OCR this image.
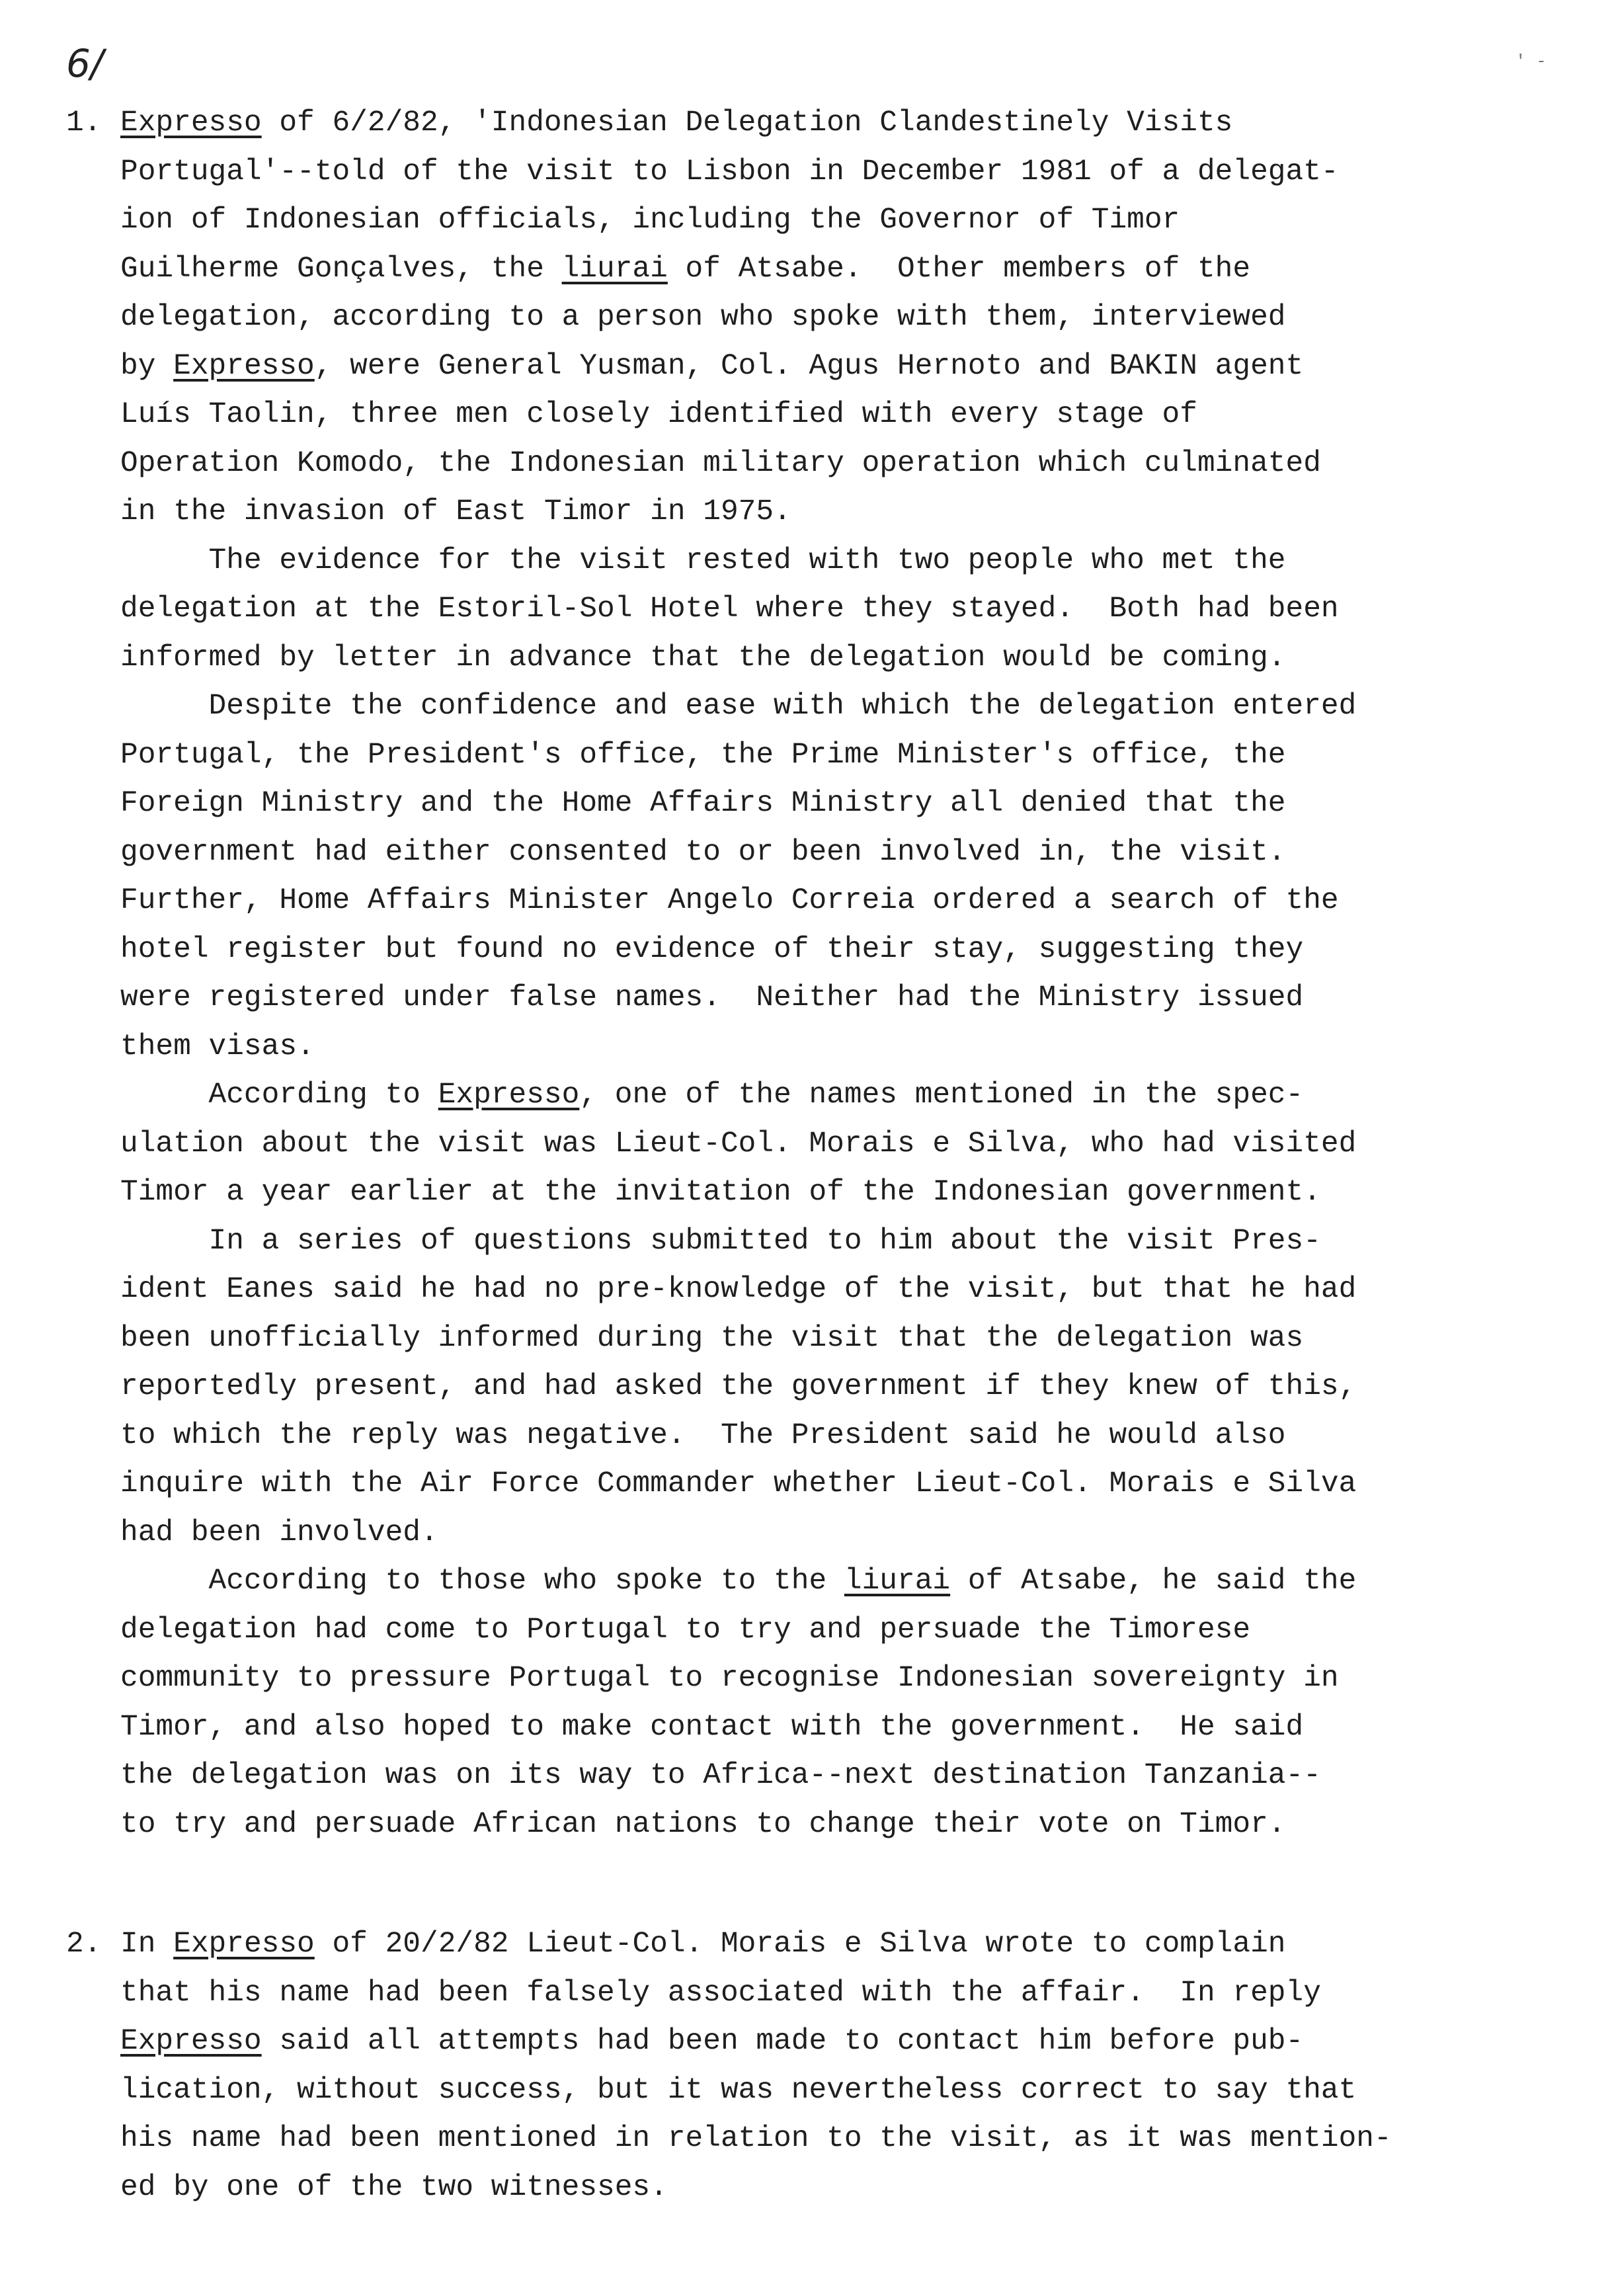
6/	' -
1. Expresso of 6/2/82, 'Indonesian Delegation Clandestinely Visits
Portugal'--told of the visit to Lisbon in December 1981 of a delegat-
ion of Indonesian officials, including the Governor of Timor
Guilherme Gonçalves, the liurai of Atsabe.  Other members of the
delegation, according to a person who spoke with them, interviewed
by Expresso, were General Yusman, Col. Agus Hernoto and BAKIN agent
Luís Taolin, three men closely identified with every stage of
Operation Komodo, the Indonesian military operation which culminated
in the invasion of East Timor in 1975.
The evidence for the visit rested with two people who met the
delegation at the Estoril-Sol Hotel where they stayed.  Both had been
informed by letter in advance that the delegation would be coming.
Despite the confidence and ease with which the delegation entered
Portugal, the President's office, the Prime Minister's office, the
Foreign Ministry and the Home Affairs Ministry all denied that the
government had either consented to or been involved in, the visit.
Further, Home Affairs Minister Angelo Correia ordered a search of the
hotel register but found no evidence of their stay, suggesting they
were registered under false names.  Neither had the Ministry issued
them visas.
According to Expresso, one of the names mentioned in the spec-
ulation about the visit was Lieut-Col. Morais e Silva, who had visited
Timor a year earlier at the invitation of the Indonesian government.
In a series of questions submitted to him about the visit Pres-
ident Eanes said he had no pre-knowledge of the visit, but that he had
been unofficially informed during the visit that the delegation was
reportedly present, and had asked the government if they knew of this,
to which the reply was negative.  The President said he would also
inquire with the Air Force Commander whether Lieut-Col. Morais e Silva
had been involved.
According to those who spoke to the liurai of Atsabe, he said the
delegation had come to Portugal to try and persuade the Timorese
community to pressure Portugal to recognise Indonesian sovereignty in
Timor, and also hoped to make contact with the government.  He said
the delegation was on its way to Africa--next destination Tanzania--
to try and persuade African nations to change their vote on Timor.
2. In Expresso of 20/2/82 Lieut-Col. Morais e Silva wrote to complain
that his name had been falsely associated with the affair.  In reply
Expresso said all attempts had been made to contact him before pub-
lication, without success, but it was nevertheless correct to say that
his name had been mentioned in relation to the visit, as it was mention-
ed by one of the two witnesses.
